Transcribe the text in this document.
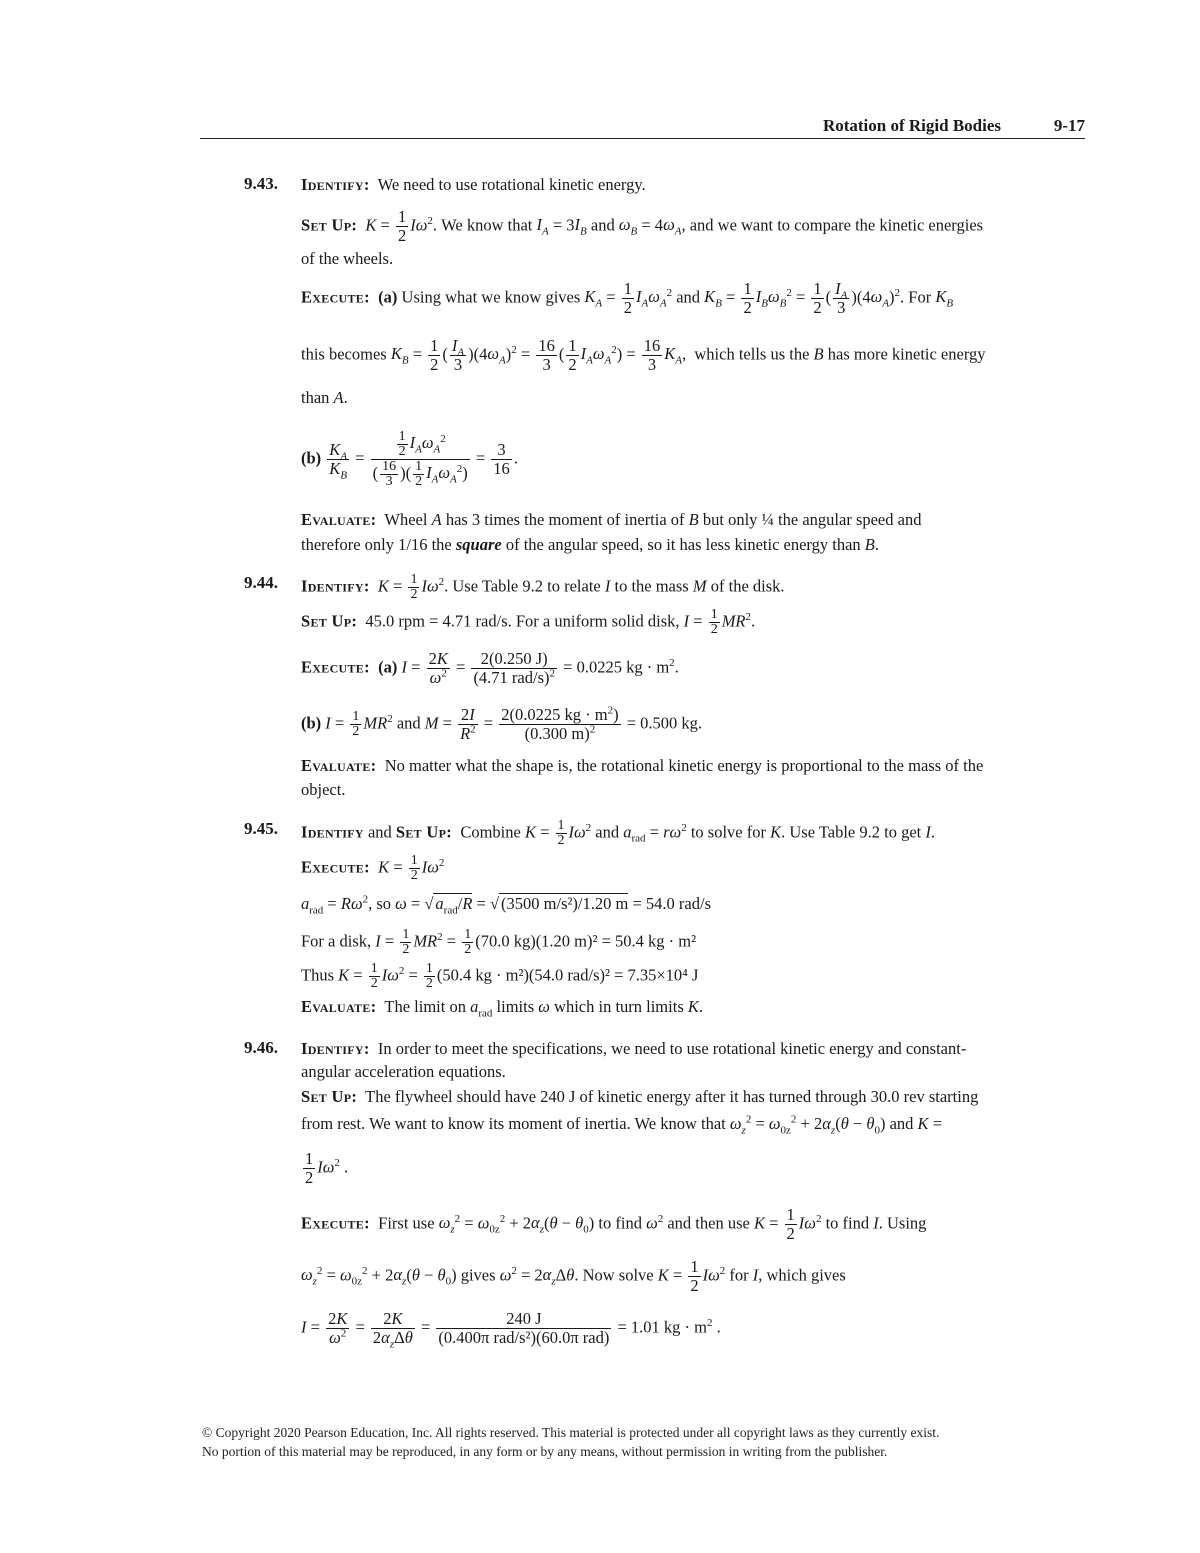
Rotation of Rigid Bodies	9-17
9.43. Identify: We need to use rotational kinetic energy.
Set Up: $K = \frac{1}{2} I\omega^2$. We know that $I_A = 3I_B$ and $\omega_B = 4\omega_A$, and we want to compare the kinetic energies
of the wheels.
Execute: (a) Using what we know gives $K_A = \frac{1}{2} I_A\omega_A^2$ and $K_B = \frac{1}{2} I_B\omega_B^2 = \frac{1}{2}$ ( $\frac{I_A}{3} )(4\omega_A)^2$. For $K_B$
this becomes $K_B = \frac{1}{2}$ ( $\frac{I_A}{3} )(4\omega_A)^2 = \frac{16}{3}$ ( $\frac{1}{2} I_A\omega_A^2) = \frac{16}{3} K_A$,  which tells us the B has more kinetic energy
than A.
$(b) \frac{K_A}{K_B} = \frac{\frac{1}{2} I_A\omega_A^2}{( \frac{16}{3} )( \frac{1}{2} I_A\omega_A^2)} = \frac{3}{16}$ .
Evaluate: Wheel A has 3 times the moment of inertia of B but only ¼ the angular speed and
therefore only 1/16 the square of the angular speed, so it has less kinetic energy than B.
9.44. Identify: $K = \frac{1}{2} I\omega^2$. Use Table 9.2 to relate I to the mass M of the disk.
Set Up: 45.0 rpm = 4.71 rad/s. For a uniform solid disk, $I = \frac{1}{2} MR^2$.
Execute: (a) $I = \frac{2K}{\omega^2} = \frac{2(0.250 J)}{(4.71 rad/s)^2} = 0.0225$ kg · $m^2$.
(b) $I = \frac{1}{2} MR^2$ and $M = \frac{2I}{R^2} = \frac{2(0.0225 kg \cdot m^2)}{(0.300 m)^2} = 0.500$ kg.
Evaluate: No matter what the shape is, the rotational kinetic energy is proportional to the mass of the
object.
9.45. Identify and Set Up: Combine $K = \frac{1}{2} I\omega^2$ and $a_{rad} = r\omega^2$ to solve for K. Use Table 9.2 to get I.
Execute: $K = \frac{1}{2} I\omega^2$
$a_{rad} = R\omega^2$, so ω = √ $a_{rad}/R$ = √ (3500 m/s²)/1.20 m = 54.0 rad/s
For a disk, $I = \frac{1}{2} MR^2 = \frac{1}{2} (70.0$ kg)(1.20 m)² = 50.4 kg · m²
Thus $K = \frac{1}{2} I\omega^2 = \frac{1}{2} (50.4$ kg · m²)(54.0 rad/s)² = 7.35×10⁴ J
Evaluate: The limit on $a_{rad}$ limits ω which in turn limits K.
9.46. Identify: In order to meet the specifications, we need to use rotational kinetic energy and constant-
angular acceleration equations.
Set Up: The flywheel should have 240 J of kinetic energy after it has turned through 30.0 rev starting
from rest. We want to know its moment of inertia. We know that $\omega_z^2 = \omega_{0z}^2 + 2\alpha_z(\theta - \theta_0)$ and K =
$\frac{1}{2} I\omega^2$ .
Execute: First use $\omega_z^2 = \omega_{0z}^2 + 2\alpha_z(\theta - \theta_0)$ to find $\omega^2$ and then use $K = \frac{1}{2} I\omega^2$ to find I. Using
$\omega_z^2 = \omega_{0z}^2 + 2\alpha_z(\theta - \theta_0)$ gives $\omega^2 = 2\alpha_z\Delta\theta$. Now solve $K = \frac{1}{2} I\omega^2$ for I, which gives
$I = \frac{2K}{\omega^2} = \frac{2K}{2\alpha_z\Delta\theta} = \frac{240 J}{\text{(0.400π rad/s²)(60.0π rad)}} = 1.01$ kg · $m^2$ .
© Copyright 2020 Pearson Education, Inc. All rights reserved. This material is protected under all copyright laws as they currently exist.
No portion of this material may be reproduced, in any form or by any means, without permission in writing from the publisher.
